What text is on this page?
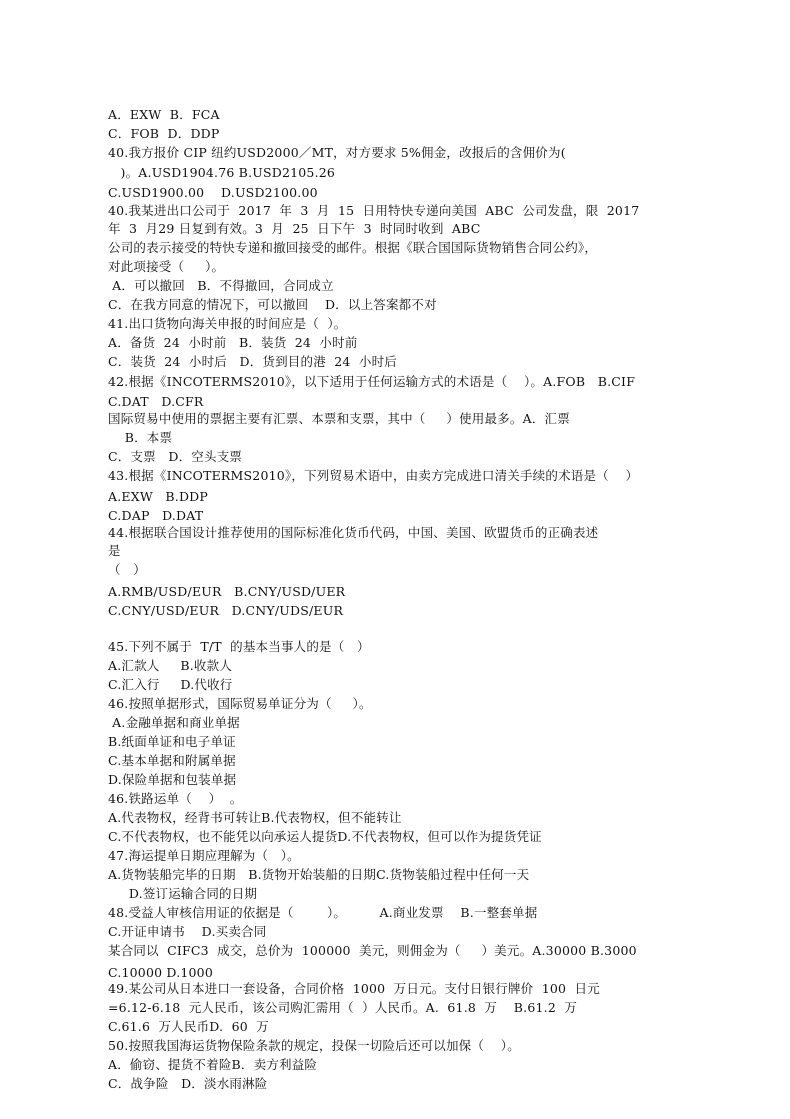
A．EXW  B．FCA
C．FOB  D．DDP
40.我方报价 CIP 纽约USD2000／MT，对方要求 5%佣金，改报后的含佣价为(
)。A.USD1904.76 B.USD2105.26
C.USD1900.00    D.USD2100.00
40.我某进出口公司于  2017  年  3  月  15  日用特快专递向美国  ABC  公司发盘，限  2017
年  3  月29 日复到有效。3  月  25  日下午  3  时同时收到  ABC
公司的表示接受的特快专递和撤回接受的邮件。根据《联合国国际货物销售合同公约》，
对此项接受（     ）。
A．可以撤回   B．不得撤回，合同成立
C．在我方同意的情况下，可以撤回    D．以上答案都不对
41.出口货物向海关申报的时间应是（  ）。
A．备货  24  小时前   B．装货  24  小时前
C．装货  24  小时后   D．货到目的港  24  小时后
42.根据《INCOTERMS2010》，以下适用于任何运输方式的术语是（    ）。A.FOB   B.CIF
C.DAT   D.CFR
国际贸易中使用的票据主要有汇票、本票和支票，其中（     ）使用最多。A．汇票
B．本票
C．支票   D．空头支票
43.根据《INCOTERMS2010》，下列贸易术语中，由卖方完成进口清关手续的术语是（    ）
A.EXW   B.DDP
C.DAP   D.DAT
44.根据联合国设计推荐使用的国际标准化货币代码，中国、美国、欧盟货币的正确表述
是
（   ）
A.RMB/USD/EUR   B.CNY/USD/UER
C.CNY/USD/EUR   D.CNY/UDS/EUR
45.下列不属于  T/T  的基本当事人的是（   ）
A.汇款人     B.收款人
C.汇入行     D.代收行
46.按照单据形式，国际贸易单证分为（     ）。
A.金融单据和商业单据
B.纸面单证和电子单证
C.基本单据和附属单据
D.保险单据和包装单据
46.铁路运单（    ）  。
A.代表物权，经背书可转让B.代表物权，但不能转让
C.不代表物权，也不能凭以向承运人提货D.不代表物权，但可以作为提货凭证
47.海运提单日期应理解为（   ）。
A.货物装船完毕的日期   B.货物开始装船的日期C.货物装船过程中任何一天
D.签订运输合同的日期
48.受益人审核信用证的依据是（        ）。        A.商业发票    B.一整套单据
C.开证申请书    D.买卖合同
某合同以  CIFC3  成交，总价为  100000  美元，则佣金为（     ）美元。A.30000 B.3000
C.10000 D.1000
49.某公司从日本进口一套设备，合同价格  1000  万日元。支付日银行牌价  100  日元
=6.12-6.18  元人民币，该公司购汇需用（  ）人民币。A.  61.8  万    B.61.2  万
C.61.6  万人民币D.  60  万
50.按照我国海运货物保险条款的规定，投保一切险后还可以加保（    ）。
A．偷窃、提货不着险B．卖方利益险
C．战争险   D．淡水雨淋险
